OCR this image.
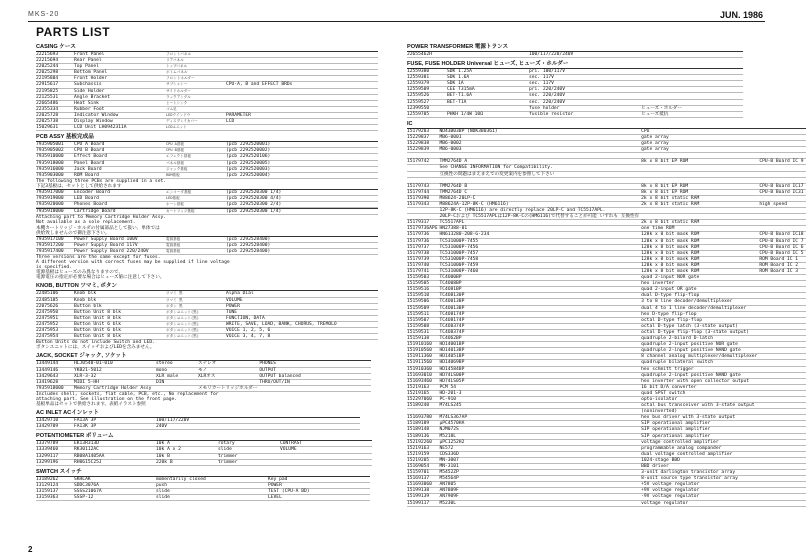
MKS-20	JUN. 1986
PARTS LIST
2
CASING ケース
22215693	Front Panel	フロントパネル	
22215694	Rear Panel	リアパネル	
22025244	Top Panel	トップパネル	
22025298	Bottom Panel	ボトムパネル	
22195804	Front Holder	フロントホルダー	
22915617	Subchassis	サブシャシー	CPU-A, B and EFFECT BRDs
22195825	Side Holder	サイドホルダー	
22125531	Angle Bracket	ラックアングル	
22665486	Heat Sink	ヒートシンク	
22355334	Rubber Foot	ゴム足	
22025728	Indicator Window	LEDウインドウ	PARAMETER
22025738	Display Window	ディスプレイカバー	LCD
15029631	LCD Unit LH0942311A	LCDユニット	
PCB ASSY 基板完成品
7935905001	CPU A Board	CPU A基板	(pcb 2292520001)
7935905002	CPU B Board	CPU B基板	(pcb 2292520002)
7935910000	Effect Board	エフェクト基板	(pcb 2292520106)
7935918000	Panel Board	パネル基板	(pcb 2292520005)
7935916000	Jack Board	ジャック基板	(pcb 2292520003)
7935903000	ROM Board	ROM基板	(pcb 2292520004)
The following three PCBs are supplied in a set.
下記3基板は、セットとして供給されます
7935917000	Encoder Board	エンコーダ基板	(pcb 2292520300 1/4)
7935919000	LED Board	LED基板	(pcb 2292520300 4/4)
7935920000	Phones Board	ホーン基板	(pcb 2292520300 2/4)
7935918000	Cartridge Board	カートリッジ基板	(pcb 2292520300 1/4)
Attaching part to Memory Cartridge Holder Assy.
Not available as a sole replacement.
本機カートリッジ・ホルダの付属部品として扱い、単体では
供給致しませんので御注意下さい。
7935917100	Power Supply Board 100V	電源基板	(pcb 2292528400)
7935917200	Power Supply Board 117V	電源基板	(pcb 2292528400)
7935917400	Power Supply Board 220/240V	電源基板	(pcb 2292528400)
Three versions are the same except for fuses.
A different version with correct fuses may be supplied if line voltage
is specified.
電源基板はヒューズのみ異なりますので、
電源電圧の指定が必要な場合はヒューズ値に注意して下さい。
KNOB, BUTTON ツマミ, ボタン
22485106	Knob blk	ツマミ 黒	Alpha Dial
22485105	Knob blk	ツマミ 黒	VOLUME
22075626	Button blk	ボタン 黒	POWER
22475950	Button Unit 8 blk	ボタンユニット(黒)	TUNE
22475951	Button Unit 8 blk	ボタンユニット(黒)	FUNCTION, DATA
22475952	Button Unit 6 blk	ボタンユニット(黒)	WRITE, SAVE, LOAD, BANK, CHORUS, TREMOLO
22475953	Button Unit 6 blk	ボタンユニット(黒)	VOICE 1, 2, 5, 6
22475954	Button Unit 8 blk	ボタンユニット(黒)	VOICE 3, 4, 7, 8
Button Units do not include Switch and LED.
ボタンユニットには、スイッチおよびLEDを含みません。
JACK, SOCKET ジャック, ソケット
13449144	HLJ0540-01-010	stereo	ステレオ	PHONES
13449146	YKB21-5012	mono	モノ	OUTPUT
13429643	XLR-3-32	XLR male	XLRオス	OUTPUT balanced
13419628	MIDI 5-HH	DIN		THRU/OUT/IN
7935918000	Memory Cartridge Holder Assy		メモリカートリッジホルダー	
Includes shell, sockets, flat cable, PCB, etc., No replacement for
attaching part. See illustration on the front page.
基板単品はセットで供給されます。表紙イラスト参照
AC INLET ACインレット
13429710	FA13A 3P	100/117/220V	
13429709	FA13K 3P	240V	
POTENTIOMETER ボリューム
13379789	EK13R313D	10k A	rotary	CONTRAST
13339460	RK30112AC	10k A x 2	slide	VOLUME
13299117	RB08A1405AA	10k B	trimmer	
13299196	RH0615C25J	220k B	trimmer	
SWITCH スイッチ
13189262	SKHLAK	momentarily closed	Key pad
13129124	SDDC3076A	push	POWER
13159137	SSSS21067A	slide	TEST (CPU-A BD)
13159363	SSSP-12	slide	LEVEL
POWER TRANSFORMER 電源トランス
22655462H		100/117/220/240V	
FUSE, FUSE HOLDER Universal ヒューズ, ヒューズ・ホルダー
12559380	SDK 1.25A	pri. 100/117V	
12559381	SDK 1.6A	sec. 117V	
12559379	SDK 1A	sec. 117V	
12559509	CEE T315mA	pri. 220/240V	
12559526	BET-T1.6A	sec. 220/240V	
12559527	BET-T1A	sec. 220/240V	
12399550		fuse holder	ヒューズ・ホルダー
12559705	PHKH 1/4W 10Ω	fusible resistor	ヒューズ抵抗
IC
15179203	ND43B03BP (NDK3B0361)	CPU	
15229837	MB6-0001	gate array	
15229838	MB6-0002	gate array	
15229839	MB6-0003	gate array	

15179742	TMM2764D A	8k x 8 bit EP ROM	CPU-B Board IC 9
	See CHANGE INFORMATION for Compatibility.		
	互換性の問題はまえまえでの変更案内を参照して下さい		

15179743	TMM2764D B	8k x 8 bit EP ROM	CPU-B Board IC17
15179744	TMM2764D C	8k x 8 bit EP ROM	CPU-B Board IC31
15179390	M88624-20LP-C	2k x 8 bit static RAM	
15179343	M88624A-12P-8K-C (HM6116)	2k x 8 bit static RAM	high speed
	12P-8K-C (HM6116) are directly replace 20LP-C and TC5517APL.		
	20LP-Cおよび TC5517APLは12P-8K-Cの(HM6116)で代替することが可能 いずれも 互換性有		
15179317	TC5517APL	2k x 8 bit static RAM	
15179736APG	HN27388-01	one time ROM	
15179736	HN613280-208-G-234	128k x 8 bit mask ROM	CPU-B Board IC18
15179736	TC531000P-7455	128k x 8 bit mask ROM	CPU-B Board IC 7
15179737	TC531000P-7456	128k x 8 bit mask ROM	CPU-B Board IC 6
15179738	TC531000P-7457	128k x 8 bit mask ROM	CPU-B Board IC 5
15179739	TC531000P-7458	128k x 8 bit mask ROM	ROM Board IC 1
15179740	TC531000P-7459	128k x 8 bit mask ROM	ROM Board IC 2
15179741	TC531000P-7460	128k x 8 bit mask ROM	ROM Board IC 3
15159503	TC4O00BP	quad 2-input NOR gate	
15159505	TC4O08BP	hex inverter	
15159516	TC4O81BP	quad 2-input OR gate	
15159510	TC4O8130P	dual D-type flip-flop	
15159506	TC4O013BP	3 to 8 line decoder/demultiplexer	
15159509	TC4O013BP	dual 4 to 1 line decoder/demultiplexer	
15159511	TC4O8174P	hex D-type flip-flop	
15159507	TC4O8174P	octal D-type flip-flop	
15159508	TC4O8374P	octal D-type latch (3-state output)	
15159531	TC4O8374P	octal D-type flip-flop (3-state output)	
15159138	TC4O62BP	quadruple 2-bilord D-latch	
151910160	HD14001BP	quadruple 2-input positive NOR gate	
151910560	HD14013BP	quadruple 2-input positive NAND gate	
151911360	HD14051BP	8 channel analog multiplexer/demultiplexer	
151911560	HD14069BP	quadruple bilateral switch	
151910360	HD14584BP	hex schmitt trigger	
151693010	HD74LS00P	quadruple 2-input positive NAND gate	
151693460	HD74LS05P	hex inverter with open collector output	
15219163	PCM 54	16 bit D/A converter	
15219165	HD-201-3	quad SPST switch	
152297060	PC-910	opto-isolator	
15189240	M74LS245	octal bus transceiver with 3-state output	
		(noninverted)	
151693780	M74LS367AP	hex bus driver with 3-state output	
15189189	µPC4570HA	SIP operational amplifier	
15189148	NJM072S	SIP operational amplifier	
15189136	M5218L	SIP operational amplifier	
152192260	µPC1252H2	voltage controlled amplifier	
15219163	NE572	programmable analog compander	
15219159	CDS336D	dual voltage controlled amplifier	
15219205	MN-3007	1024-stage BBD	
15169054	MN-3101	BBD driver	
15159701	M5452ZP	3-unit darlington transistor array	
15169137	M54564P	8-unit source type transistor array	
151693060	AN7805	+5V voltage regulator	
15199138	AN7809F	+9V voltage regulator	
15199139	AN7909F	-9V voltage regulator	
15199117	M5230L	voltage regulator	
